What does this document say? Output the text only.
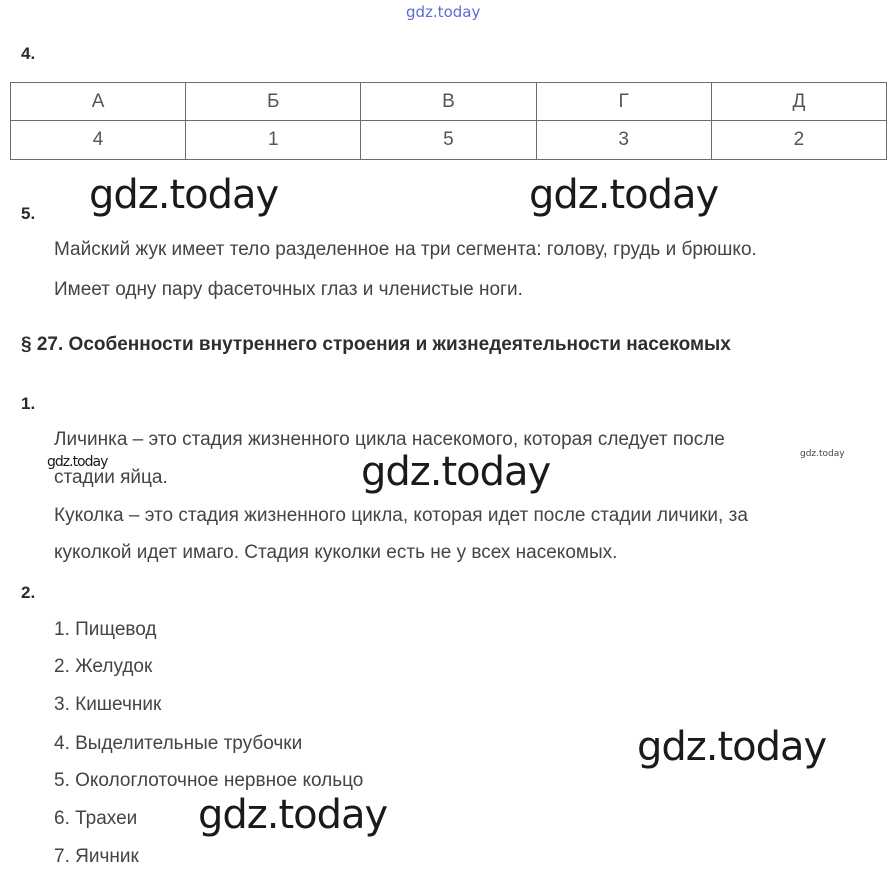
gdz.today
4.
А	Б	В	Г	Д
4	1	5	3	2
gdz.today	gdz.today
5.
Майский жук имеет тело разделенное на три сегмента: голову, грудь и брюшко.
Имеет одну пару фасеточных глаз и членистые ноги.
§ 27. Особенности внутреннего строения и жизнедеятельности насекомых
1.
Личинка – это стадия жизненного цикла насекомого, которая следует после
gdz.today	gdz.today
стадии яйца.	gdz.today
Куколка – это стадия жизненного цикла, которая идет после стадии личики, за
куколкой идет имаго. Стадия куколки есть не у всех насекомых.
2.
1. Пищевод
2. Желудок
3. Кишечник
4. Выделительные трубочки
5. Окологлоточное нервное кольцо
6. Трахеи
7. Яичник
gdz.today
gdz.today
